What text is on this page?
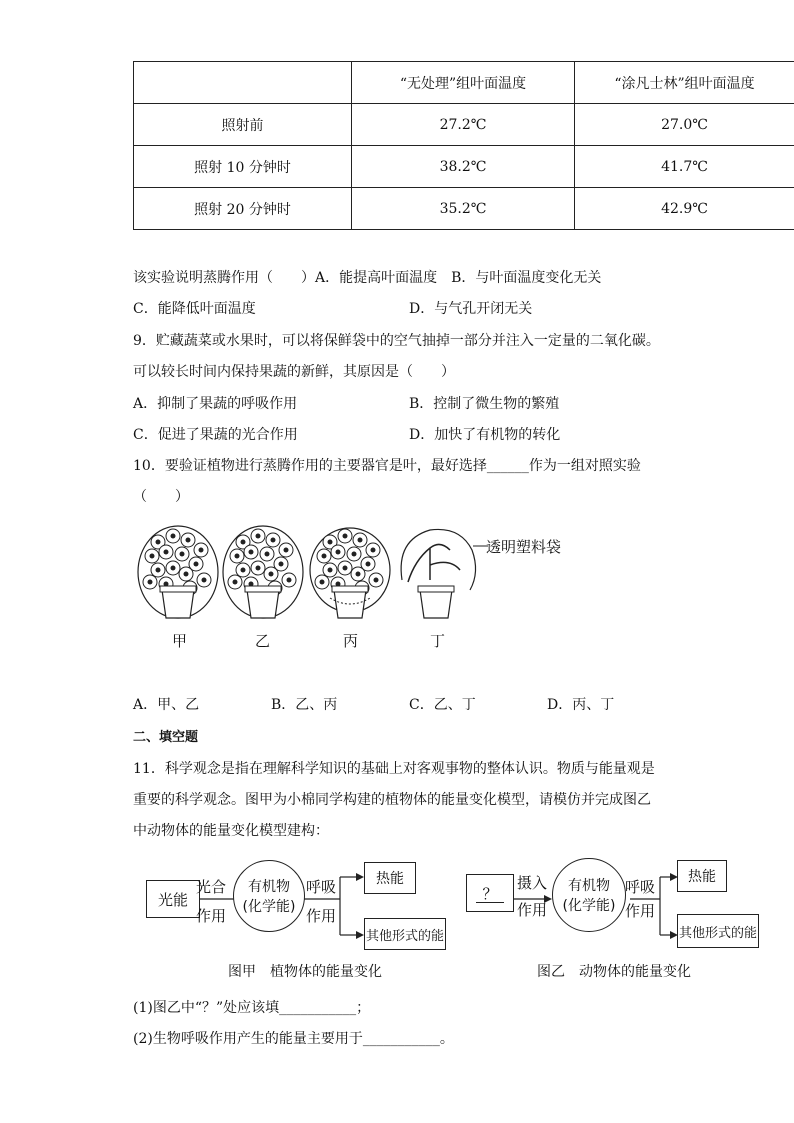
	“无处理”组叶面温度	“涂凡士林”组叶面温度
照射前	27.2℃	27.0℃
照射 10 分钟时	38.2℃	41.7℃
照射 20 分钟时	35.2℃	42.9℃
该实验说明蒸腾作用（　　）A．能提高叶面温度　B．与叶面温度变化无关
C．能降低叶面温度	D．与气孔开闭无关
9．贮藏蔬菜或水果时，可以将保鲜袋中的空气抽掉一部分并注入一定量的二氧化碳。
可以较长时间内保持果蔬的新鲜，其原因是（　　）
A．抑制了果蔬的呼吸作用	B．控制了微生物的繁殖
C．促进了果蔬的光合作用	D．加快了有机物的转化
10．要验证植物进行蒸腾作用的主要器官是叶，最好选择______作为一组对照实验
（　　）
透明塑料袋
甲	乙	丙	丁
A．甲、乙	B．乙、丙	C．乙、丁	D．丙、丁
二、填空题
11．科学观念是指在理解科学知识的基础上对客观事物的整体认识。物质与能量观是
重要的科学观念。图甲为小棉同学构建的植物体的能量变化模型，请模仿并完成图乙
中动物体的能量变化模型建构：
光能
光合
作用
有机物
(化学能)
呼吸
作用
热能
其他形式的能
图甲　植物体的能量变化
？
摄入
作用
有机物
(化学能)
呼吸
作用
热能
其他形式的能
图乙　动物体的能量变化
(1)图乙中“？”处应该填___________；
(2)生物呼吸作用产生的能量主要用于___________。
